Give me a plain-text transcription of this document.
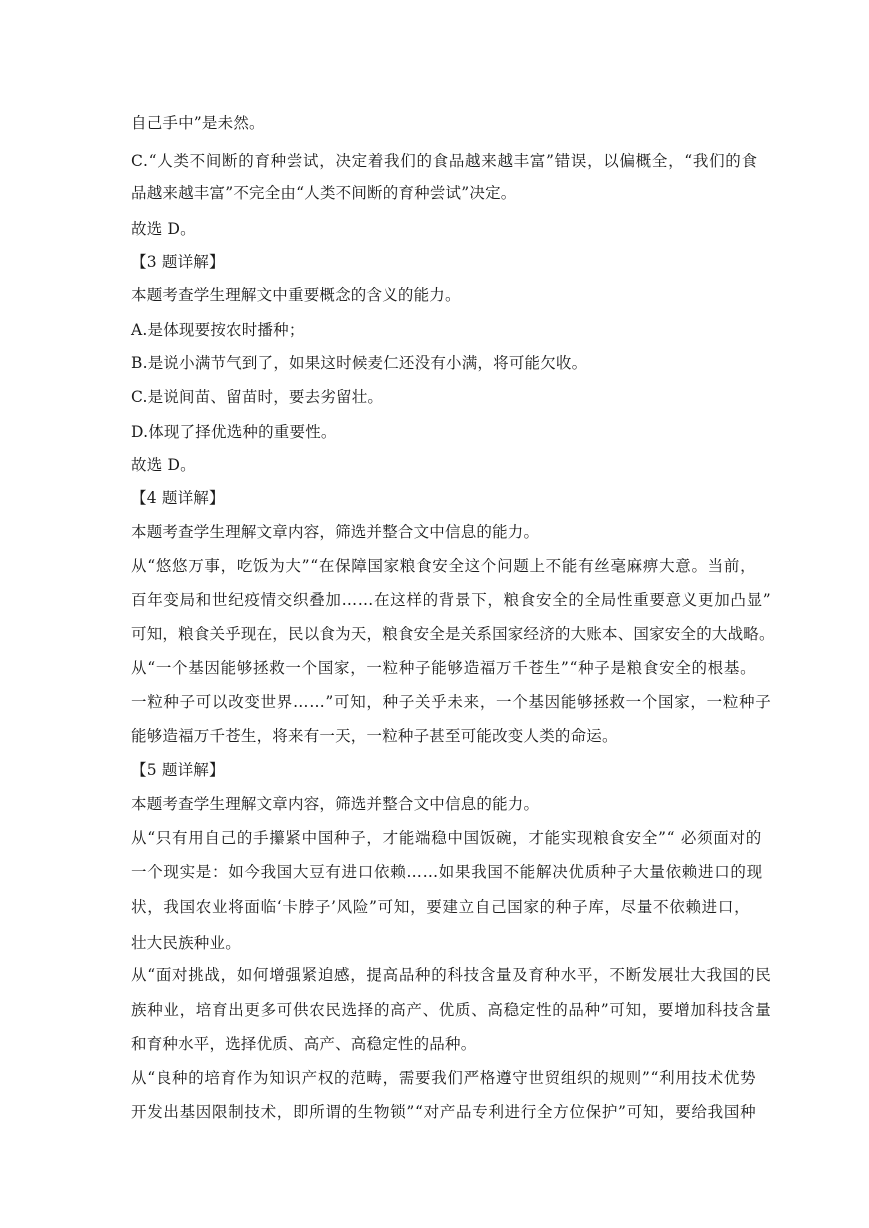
自己手中”是未然。
C.“人类不间断的育种尝试，决定着我们的食品越来越丰富”错误，以偏概全，“我们的食
品越来越丰富”不完全由“人类不间断的育种尝试”决定。
故选 D。
【3 题详解】
本题考查学生理解文中重要概念的含义的能力。
A.是体现要按农时播种；
B.是说小满节气到了，如果这时候麦仁还没有小满，将可能欠收。
C.是说间苗、留苗时，要去劣留壮。
D.体现了择优选种的重要性。
故选 D。
【4 题详解】
本题考查学生理解文章内容，筛选并整合文中信息的能力。
从“悠悠万事，吃饭为大”“在保障国家粮食安全这个问题上不能有丝毫麻痹大意。当前，
百年变局和世纪疫情交织叠加……在这样的背景下，粮食安全的全局性重要意义更加凸显”
可知，粮食关乎现在，民以食为天，粮食安全是关系国家经济的大账本、国家安全的大战略。
从“一个基因能够拯救一个国家，一粒种子能够造福万千苍生”“种子是粮食安全的根基。
一粒种子可以改变世界……”可知，种子关乎未来，一个基因能够拯救一个国家，一粒种子
能够造福万千苍生，将来有一天，一粒种子甚至可能改变人类的命运。
【5 题详解】
本题考查学生理解文章内容，筛选并整合文中信息的能力。
从“只有用自己的手攥紧中国种子，才能端稳中国饭碗，才能实现粮食安全”“ 必须面对的
一个现实是：如今我国大豆有进口依赖……如果我国不能解决优质种子大量依赖进口的现
状，我国农业将面临‘卡脖子’风险”可知，要建立自己国家的种子库，尽量不依赖进口，
壮大民族种业。
从“面对挑战，如何增强紧迫感，提高品种的科技含量及育种水平，不断发展壮大我国的民
族种业，培育出更多可供农民选择的高产、优质、高稳定性的品种”可知，要增加科技含量
和育种水平，选择优质、高产、高稳定性的品种。
从“良种的培育作为知识产权的范畴，需要我们严格遵守世贸组织的规则”“利用技术优势
开发出基因限制技术，即所谓的生物锁”“对产品专利进行全方位保护”可知，要给我国种
